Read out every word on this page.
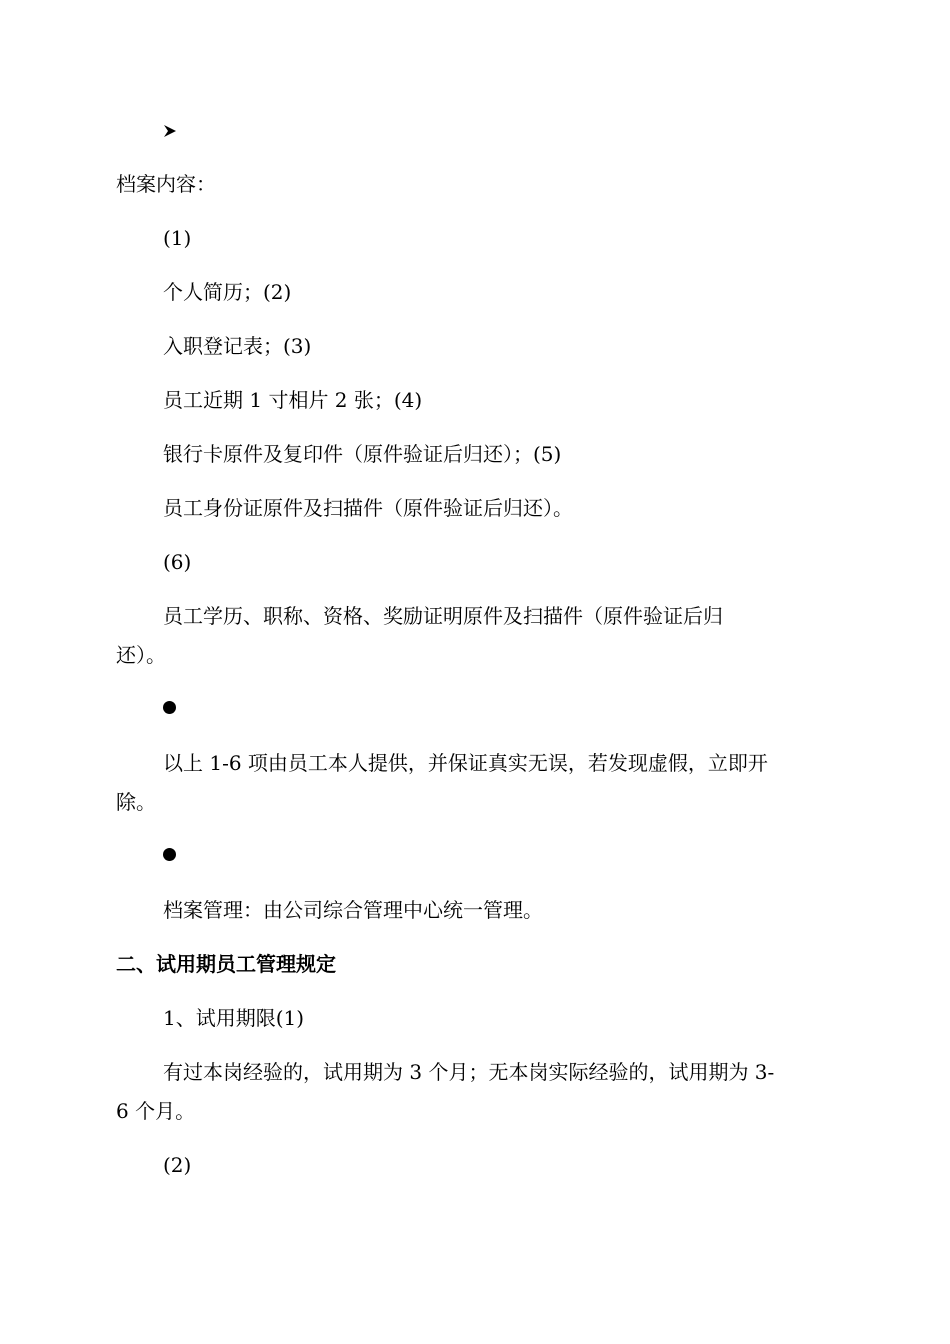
档案内容：
(1)
个人简历；(2)
入职登记表；(3)
员工近期 1 寸相片 2 张；(4)
银行卡原件及复印件（原件验证后归还）；(5)
员工身份证原件及扫描件（原件验证后归还）。
(6)
员工学历、职称、资格、奖励证明原件及扫描件（原件验证后归
还）。
以上 1-6 项由员工本人提供，并保证真实无误，若发现虚假，立即开
除。
档案管理：由公司综合管理中心统一管理。
二、试用期员工管理规定
1、试用期限(1)
有过本岗经验的，试用期为 3 个月；无本岗实际经验的，试用期为 3-
6 个月。
(2)
